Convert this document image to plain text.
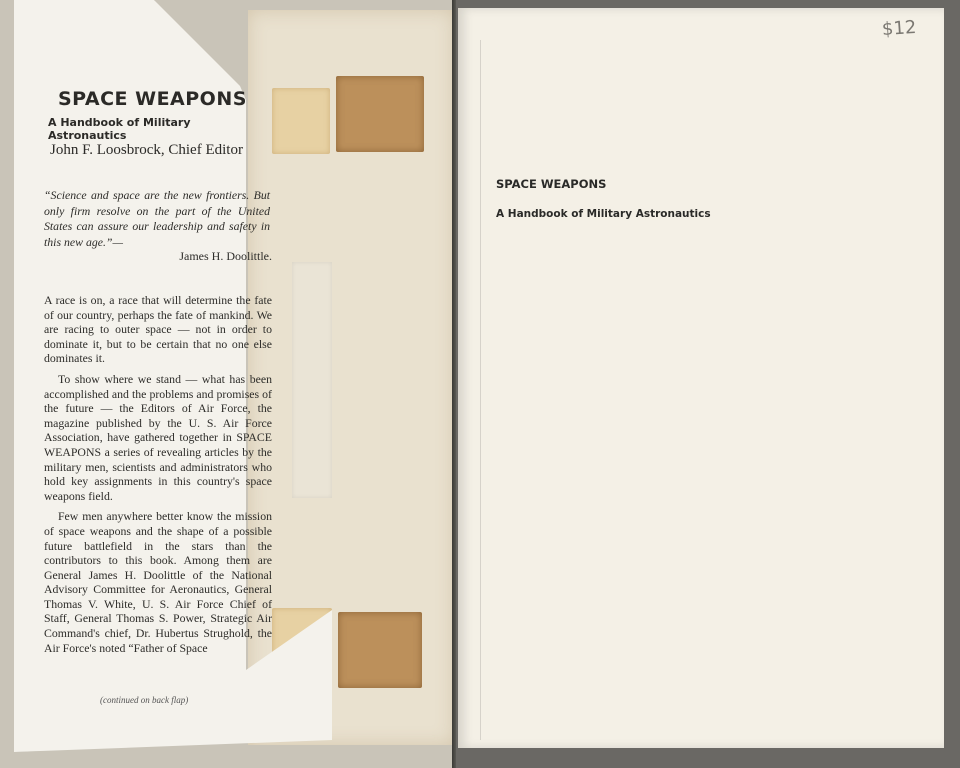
SPACE WEAPONS
A Handbook of Military Astronautics
John F. Loosbrock, Chief Editor
“Science and space are the new frontiers. But only firm resolve on the part of the United States can assure our leadership and safety in this new age.”—
James H. Doolittle.

A race is on, a race that will determine the fate of our country, perhaps the fate of mankind. We are racing to outer space — not in order to dominate it, but to be certain that no one else dominates it.

To show where we stand — what has been accomplished and the problems and promises of the future — the Editors of Air Force, the magazine published by the U. S. Air Force Association, have gathered together in SPACE WEAPONS a series of revealing articles by the military men, scientists and administrators who hold key assignments in this country's space weapons field.

Few men anywhere better know the mission of space weapons and the shape of a possible future battlefield in the stars than the contributors to this book. Among them are General James H. Doolittle of the National Advisory Committee for Aeronautics, General Thomas V. White, U. S. Air Force Chief of Staff, General Thomas S. Power, Strategic Air Command's chief, Dr. Hubertus Strughold, the Air Force's noted “Father of Space

(continued on back flap)
SPACE WEAPONS
A Handbook of Military Astronautics
$12
